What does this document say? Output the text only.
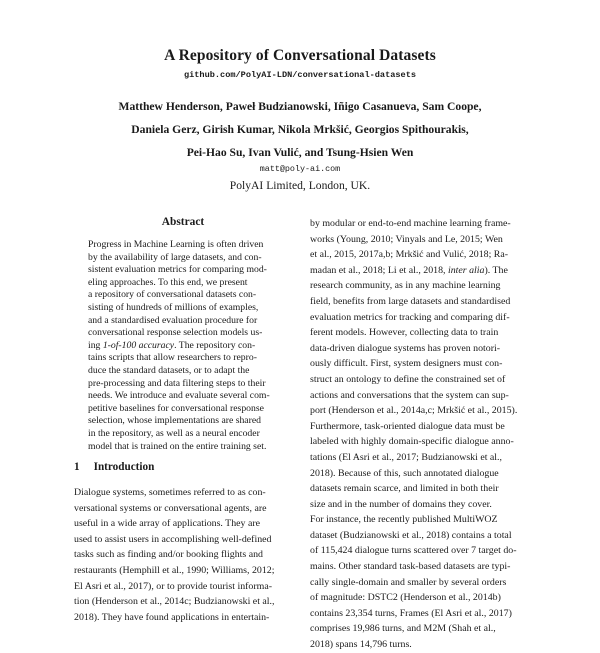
A Repository of Conversational Datasets
github.com/PolyAI-LDN/conversational-datasets
Matthew Henderson, Paweł Budzianowski, Iñigo Casanueva, Sam Coope,
Daniela Gerz, Girish Kumar, Nikola Mrkšić, Georgios Spithourakis,
Pei-Hao Su, Ivan Vulić, and Tsung-Hsien Wen
matt@poly-ai.com
PolyAI Limited, London, UK.
Abstract
Progress in Machine Learning is often driven
by the availability of large datasets, and con-
sistent evaluation metrics for comparing mod-
eling approaches. To this end, we present
a repository of conversational datasets con-
sisting of hundreds of millions of examples,
and a standardised evaluation procedure for
conversational response selection models us-
ing 1-of-100 accuracy. The repository con-
tains scripts that allow researchers to repro-
duce the standard datasets, or to adapt the
pre-processing and data filtering steps to their
needs. We introduce and evaluate several com-
petitive baselines for conversational response
selection, whose implementations are shared
in the repository, as well as a neural encoder
model that is trained on the entire training set.
1 Introduction
Dialogue systems, sometimes referred to as con-
versational systems or conversational agents, are
useful in a wide array of applications. They are
used to assist users in accomplishing well-defined
tasks such as finding and/or booking flights and
restaurants (Hemphill et al., 1990; Williams, 2012;
El Asri et al., 2017), or to provide tourist informa-
tion (Henderson et al., 2014c; Budzianowski et al.,
2018). They have found applications in entertain-
by modular or end-to-end machine learning frame-
works (Young, 2010; Vinyals and Le, 2015; Wen
et al., 2015, 2017a,b; Mrkšić and Vulić, 2018; Ra-
madan et al., 2018; Li et al., 2018, inter alia). The
research community, as in any machine learning
field, benefits from large datasets and standardised
evaluation metrics for tracking and comparing dif-
ferent models. However, collecting data to train
data-driven dialogue systems has proven notori-
ously difficult. First, system designers must con-
struct an ontology to define the constrained set of
actions and conversations that the system can sup-
port (Henderson et al., 2014a,c; Mrkšić et al., 2015).
Furthermore, task-oriented dialogue data must be
labeled with highly domain-specific dialogue anno-
tations (El Asri et al., 2017; Budzianowski et al.,
2018). Because of this, such annotated dialogue
datasets remain scarce, and limited in both their
size and in the number of domains they cover.
For instance, the recently published MultiWOZ
dataset (Budzianowski et al., 2018) contains a total
of 115,424 dialogue turns scattered over 7 target do-
mains. Other standard task-based datasets are typi-
cally single-domain and smaller by several orders
of magnitude: DSTC2 (Henderson et al., 2014b)
contains 23,354 turns, Frames (El Asri et al., 2017)
comprises 19,986 turns, and M2M (Shah et al.,
2018) spans 14,796 turns.
